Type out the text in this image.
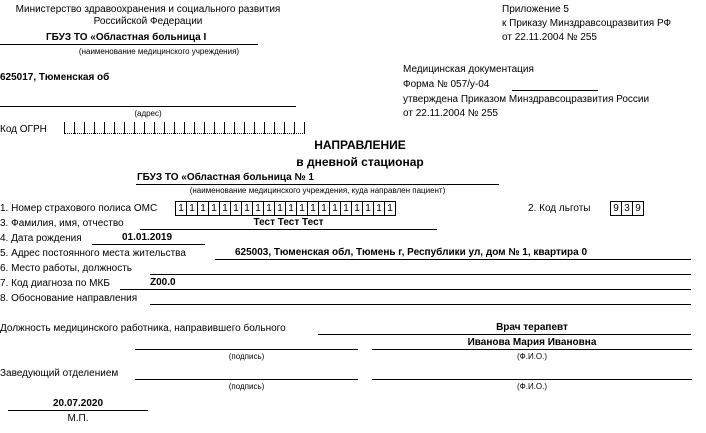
Министерство здравоохранения и социального развития
Российской Федерации
ГБУЗ ТО «Областная больница I
(наименование медицинского учреждения)
625017, Тюменская об
(адрес)
Код ОГРН
Приложение 5
к Приказу Минздравсоцразвития РФ
от 22.11.2004 № 255
Медицинская документация
Форма № 057/у-04
утверждена Приказом Минздравсоцразвития России
от 22.11.2004 № 255
НАПРАВЛЕНИЕ
в дневной стационар
ГБУЗ ТО «Областная больница № 1
(наименование медицинского учреждения, куда направлен пациент)
1. Номер страхового полиса ОМС	1 1 1 1 1 1 1 1 1 1 1 1 1 1 1 1 1 1 1 1	2. Код льготы	9 3 9
3. Фамилия, имя, отчество	Тест Тест Тест
4. Дата рождения	01.01.2019
5. Адрес постоянного места жительства	625003, Тюменская обл, Тюмень г, Республики ул, дом № 1, квартира 0
6. Место работы, должность
7. Код диагноза по МКБ	Z00.0
8. Обоснование направления
Должность медицинского работника, направившего больного	Врач терапевт
Иванова Мария Ивановна
(подпись)	(Ф.И.О.)
Заведующий отделением
(подпись)	(Ф.И.О.)
20.07.2020
М.П.
